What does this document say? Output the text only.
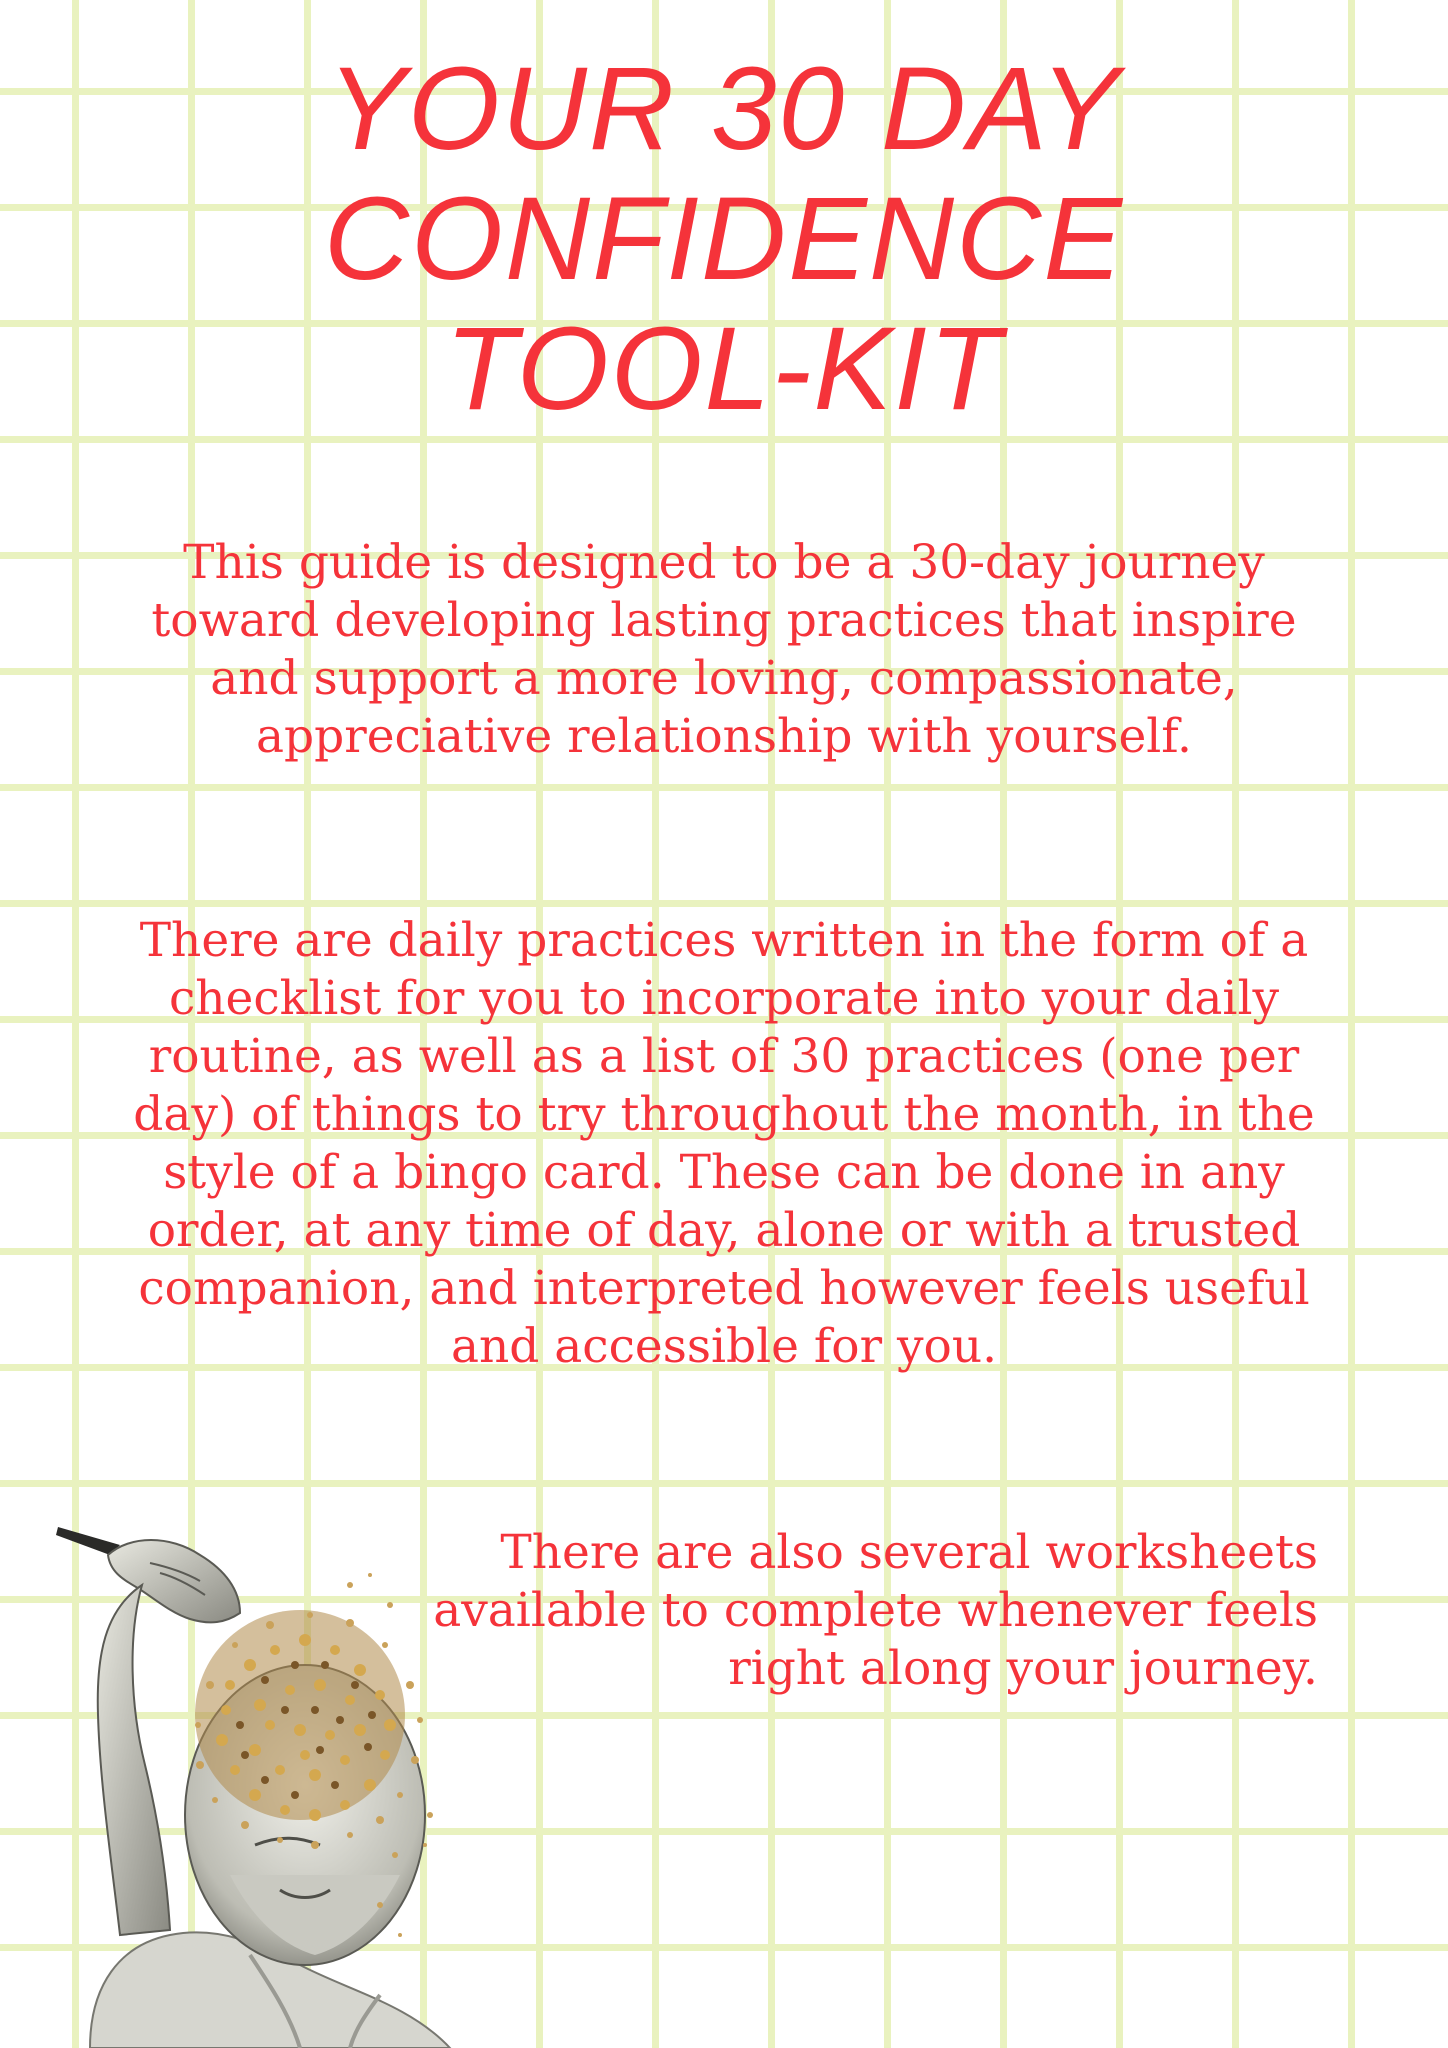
YOUR 30 DAY
CONFIDENCE
TOOL-KIT

This guide is designed to be a 30-day journey toward developing lasting practices that inspire and support a more loving, compassionate, appreciative relationship with yourself.

There are daily practices written in the form of a checklist for you to incorporate into your daily routine, as well as a list of 30 practices (one per day) of things to try throughout the month, in the style of a bingo card. These can be done in any order, at any time of day, alone or with a trusted companion, and interpreted however feels useful and accessible for you.

There are also several worksheets available to complete whenever feels right along your journey.
